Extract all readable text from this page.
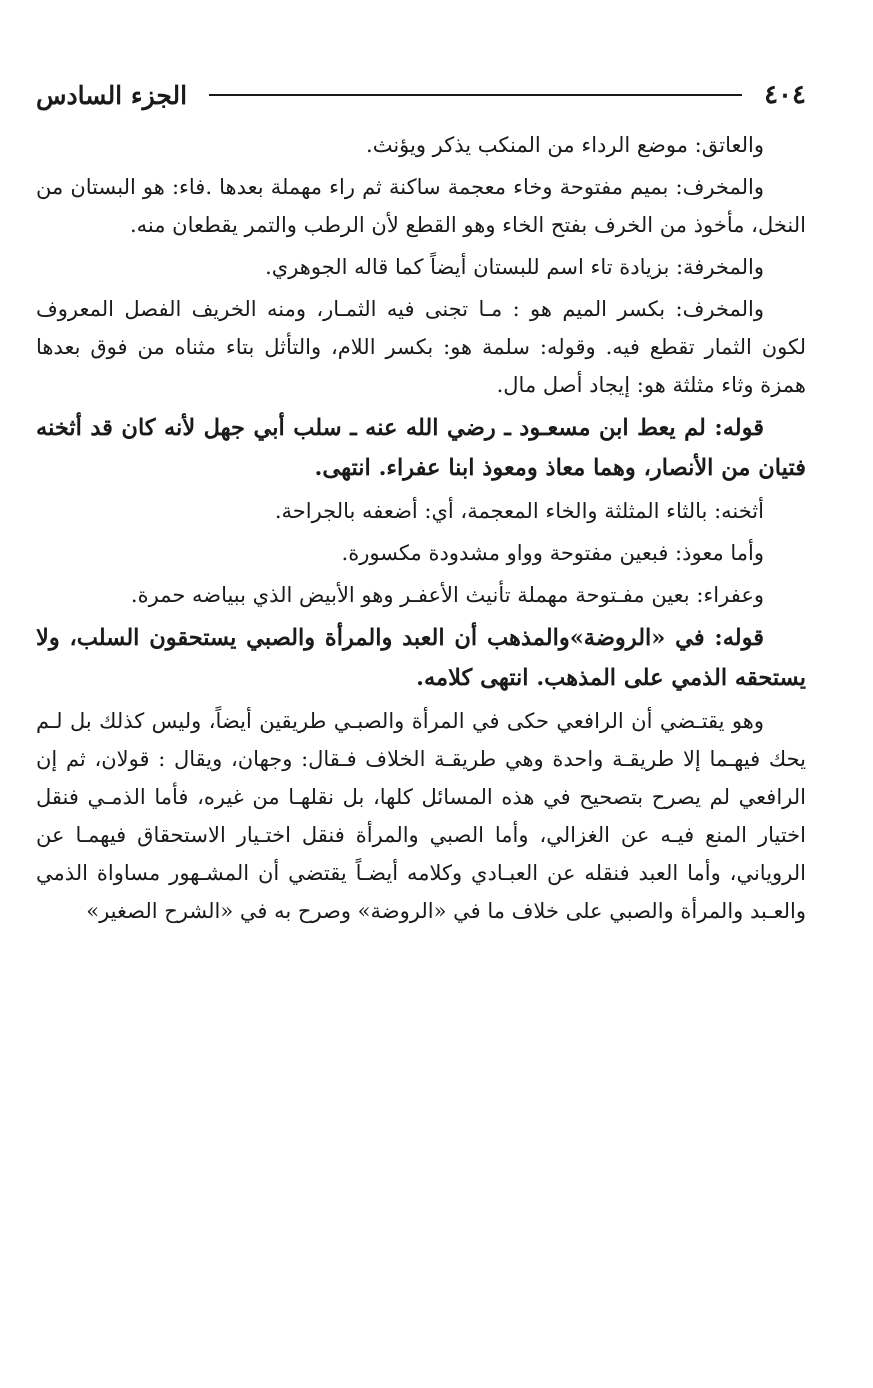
٤٠٤
الجزء السادس

والعاتق: موضع الرداء من المنكب يذكر ويؤنث.

والمخرف: بميم مفتوحة وخاء معجمة ساكنة ثم راء مهملة بعدها .فاء: هو البستان من النخل، مأخوذ من الخرف بفتح الخاء وهو القطع لأن الرطب والتمر يقطعان منه.

والمخرفة: بزيادة تاء اسم للبستان أيضاً كما قاله الجوهري.

والمخرف: بكسر الميم هو : مـا تجنى فيه الثمـار، ومنه الخريف الفصل المعروف لكون الثمار تقطع فيه. وقوله: سلمة هو: بكسر اللام، والتأثل بتاء مثناه من فوق بعدها همزة وثاء مثلثة هو: إيجاد أصل مال.

قوله: لم يعط ابن مسعـود ـ رضي الله عنه ـ سلب أبي جهل لأنه كان قد أثخنه فتيان من الأنصار، وهما معاذ ومعوذ ابنا عفراء. انتهى.

أثخنه: بالثاء المثلثة والخاء المعجمة، أي: أضعفه بالجراحة.

وأما معوذ: فبعين مفتوحة وواو مشدودة مكسورة.

وعفراء: بعين مفـتوحة مهملة تأنيث الأعفـر وهو الأبيض الذي ببياضه حمرة.

قوله: في «الروضة»والمذهب أن العبد والمرأة والصبي يستحقون السلب، ولا يستحقه الذمي على المذهب. انتهى كلامه.

وهو يقتـضي أن الرافعي حكى في المرأة والصبـي طريقين أيضاً، وليس كذلك بل لـم يحك فيهـما إلا طريقـة واحدة وهي طريقـة الخلاف فـقال: وجهان، ويقال : قولان، ثم إن الرافعي لم يصرح بتصحيح في هذه المسائل كلها، بل نقلهـا من غيره، فأما الذمـي فنقل اختيار المنع فيـه عن الغزالي، وأما الصبي والمرأة فنقل اختـيار الاستحقاق فيهمـا عن الروياني، وأما العبد فنقله عن العبـادي وكلامه أيضـاً يقتضي أن المشـهور مساواة الذمي والعـبد والمرأة والصبي على خلاف ما في «الروضة» وصرح به في «الشرح الصغير»
